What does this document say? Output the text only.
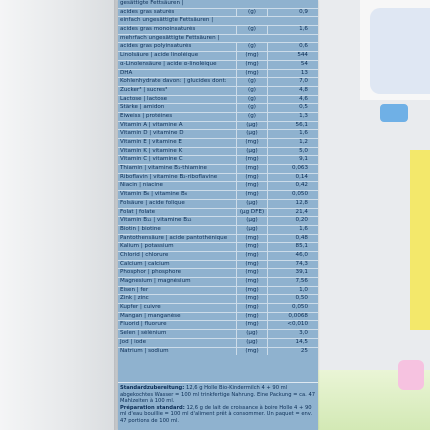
gesättigte Fettsäuren |
acides gras saturés	(g)	0,9
einfach ungesättigte Fettsäuren |
acides gras monoinsaturés	(g)	1,6
mehrfach ungesättigte Fettsäuren |
acides gras polyinsaturés	(g)	0,6
Linolsäure | acide linoléique	(mg)	544
α-Linolensäure | acide α-linoléique	(mg)	54
DHA	(mg)	13
Kohlenhydrate davon: | glucides dont:	(g)	7,0
Zucker³ | sucres³	(g)	4,8
Lactose | lactose	(g)	4,6
Stärke | amidon	(g)	0,5
Eiweiss | protéines	(g)	1,3
Vitamin A | vitamine A	(μg)	56,1
Vitamin D | vitamine D	(μg)	1,6
Vitamin E | vitamine E	(mg)	1,2
Vitamin K | vitamine K	(μg)	5,0
Vitamin C | vitamine C	(mg)	9,1
Thiamin | vitamine B₁-thiamine	(mg)	0,063
Riboflavin | vitamine B₂-riboflavine	(mg)	0,14
Niacin | niacine	(mg)	0,42
Vitamin B₆ | vitamine B₆	(mg)	0,050
Folsäure | acide folique	(μg)	12,8
Folat | folate	(μg DFE)	21,4
Vitamin B₁₂ | vitamine B₁₂	(μg)	0,20
Biotin | biotine	(μg)	1,6
Pantothensäure | acide pantothénique	(mg)	0,48
Kalium | potassium	(mg)	85,1
Chlorid | chlorure	(mg)	46,0
Calcium | calcium	(mg)	74,3
Phosphor | phosphore	(mg)	39,1
Magnesium | magnésium	(mg)	7,56
Eisen | fer	(mg)	1,0
Zink | zinc	(mg)	0,50
Kupfer | cuivre	(mg)	0,050
Mangan | manganèse	(mg)	0,0068
Fluorid | fluorure	(mg)	<0,010
Selen | sélénium	(μg)	3,0
Jod | iode	(μg)	14,5
Natrium | sodium	(mg)	25
Standardzubereitung: 12,6 g Holle Bio-Kindermilch 4 + 90 ml abgekochtes Wasser = 100 ml trinkfertige Nahrung. Eine Packung = ca. 47 Mahlzeiten à 100 ml.
Préparation standard: 12,6 g de lait de croissance à boire Holle 4 + 90 ml d'eau bouillie = 100 ml d'aliment prêt à consommer. Un paquet = env. 47 portions de 100 ml.
